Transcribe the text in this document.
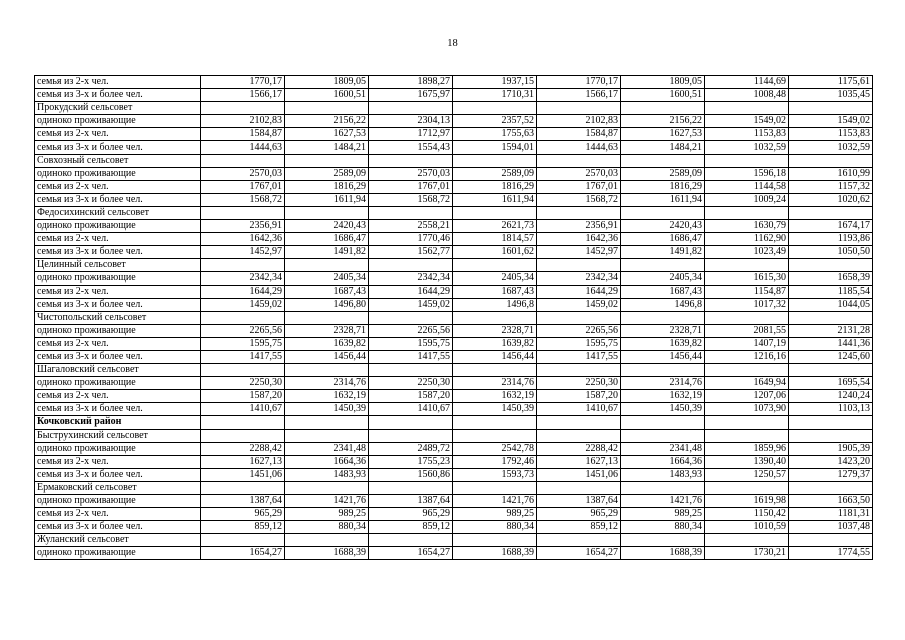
18
семья из 2-х чел.	1770,17	1809,05	1898,27	1937,15	1770,17	1809,05	1144,69	1175,61
семья из 3-х и более чел.	1566,17	1600,51	1675,97	1710,31	1566,17	1600,51	1008,48	1035,45
Прокудский сельсовет								
одиноко проживающие	2102,83	2156,22	2304,13	2357,52	2102,83	2156,22	1549,02	1549,02
семья из 2-х чел.	1584,87	1627,53	1712,97	1755,63	1584,87	1627,53	1153,83	1153,83
семья из 3-х и более чел.	1444,63	1484,21	1554,43	1594,01	1444,63	1484,21	1032,59	1032,59
Совхозный сельсовет								
одиноко проживающие	2570,03	2589,09	2570,03	2589,09	2570,03	2589,09	1596,18	1610,99
семья из 2-х чел.	1767,01	1816,29	1767,01	1816,29	1767,01	1816,29	1144,58	1157,32
семья из 3-х и более чел.	1568,72	1611,94	1568,72	1611,94	1568,72	1611,94	1009,24	1020,62
Федосихинский сельсовет								
одиноко проживающие	2356,91	2420,43	2558,21	2621,73	2356,91	2420,43	1630,79	1674,17
семья из 2-х чел.	1642,36	1686,47	1770,46	1814,57	1642,36	1686,47	1162,90	1193,86
семья из 3-х и более чел.	1452,97	1491,82	1562,77	1601,62	1452,97	1491,82	1023,49	1050,50
Целинный сельсовет								
одиноко проживающие	2342,34	2405,34	2342,34	2405,34	2342,34	2405,34	1615,30	1658,39
семья из 2-х чел.	1644,29	1687,43	1644,29	1687,43	1644,29	1687,43	1154,87	1185,54
семья из 3-х и более чел.	1459,02	1496,80	1459,02	1496,8	1459,02	1496,8	1017,32	1044,05
Чистопольский сельсовет								
одиноко проживающие	2265,56	2328,71	2265,56	2328,71	2265,56	2328,71	2081,55	2131,28
семья из 2-х чел.	1595,75	1639,82	1595,75	1639,82	1595,75	1639,82	1407,19	1441,36
семья из 3-х и более чел.	1417,55	1456,44	1417,55	1456,44	1417,55	1456,44	1216,16	1245,60
Шагаловский сельсовет								
одиноко проживающие	2250,30	2314,76	2250,30	2314,76	2250,30	2314,76	1649,94	1695,54
семья из 2-х чел.	1587,20	1632,19	1587,20	1632,19	1587,20	1632,19	1207,06	1240,24
семья из 3-х и более чел.	1410,67	1450,39	1410,67	1450,39	1410,67	1450,39	1073,90	1103,13
Кочковский район								
Быструхинский сельсовет								
одиноко проживающие	2288,42	2341,48	2489,72	2542,78	2288,42	2341,48	1859,96	1905,39
семья из 2-х чел.	1627,13	1664,36	1755,23	1792,46	1627,13	1664,36	1390,40	1423,20
семья из 3-х и более чел.	1451,06	1483,93	1560,86	1593,73	1451,06	1483,93	1250,57	1279,37
Ермаковский сельсовет								
одиноко проживающие	1387,64	1421,76	1387,64	1421,76	1387,64	1421,76	1619,98	1663,50
семья из 2-х чел.	965,29	989,25	965,29	989,25	965,29	989,25	1150,42	1181,31
семья из 3-х и более чел.	859,12	880,34	859,12	880,34	859,12	880,34	1010,59	1037,48
Жуланский сельсовет								
одиноко проживающие	1654,27	1688,39	1654,27	1688,39	1654,27	1688,39	1730,21	1774,55
